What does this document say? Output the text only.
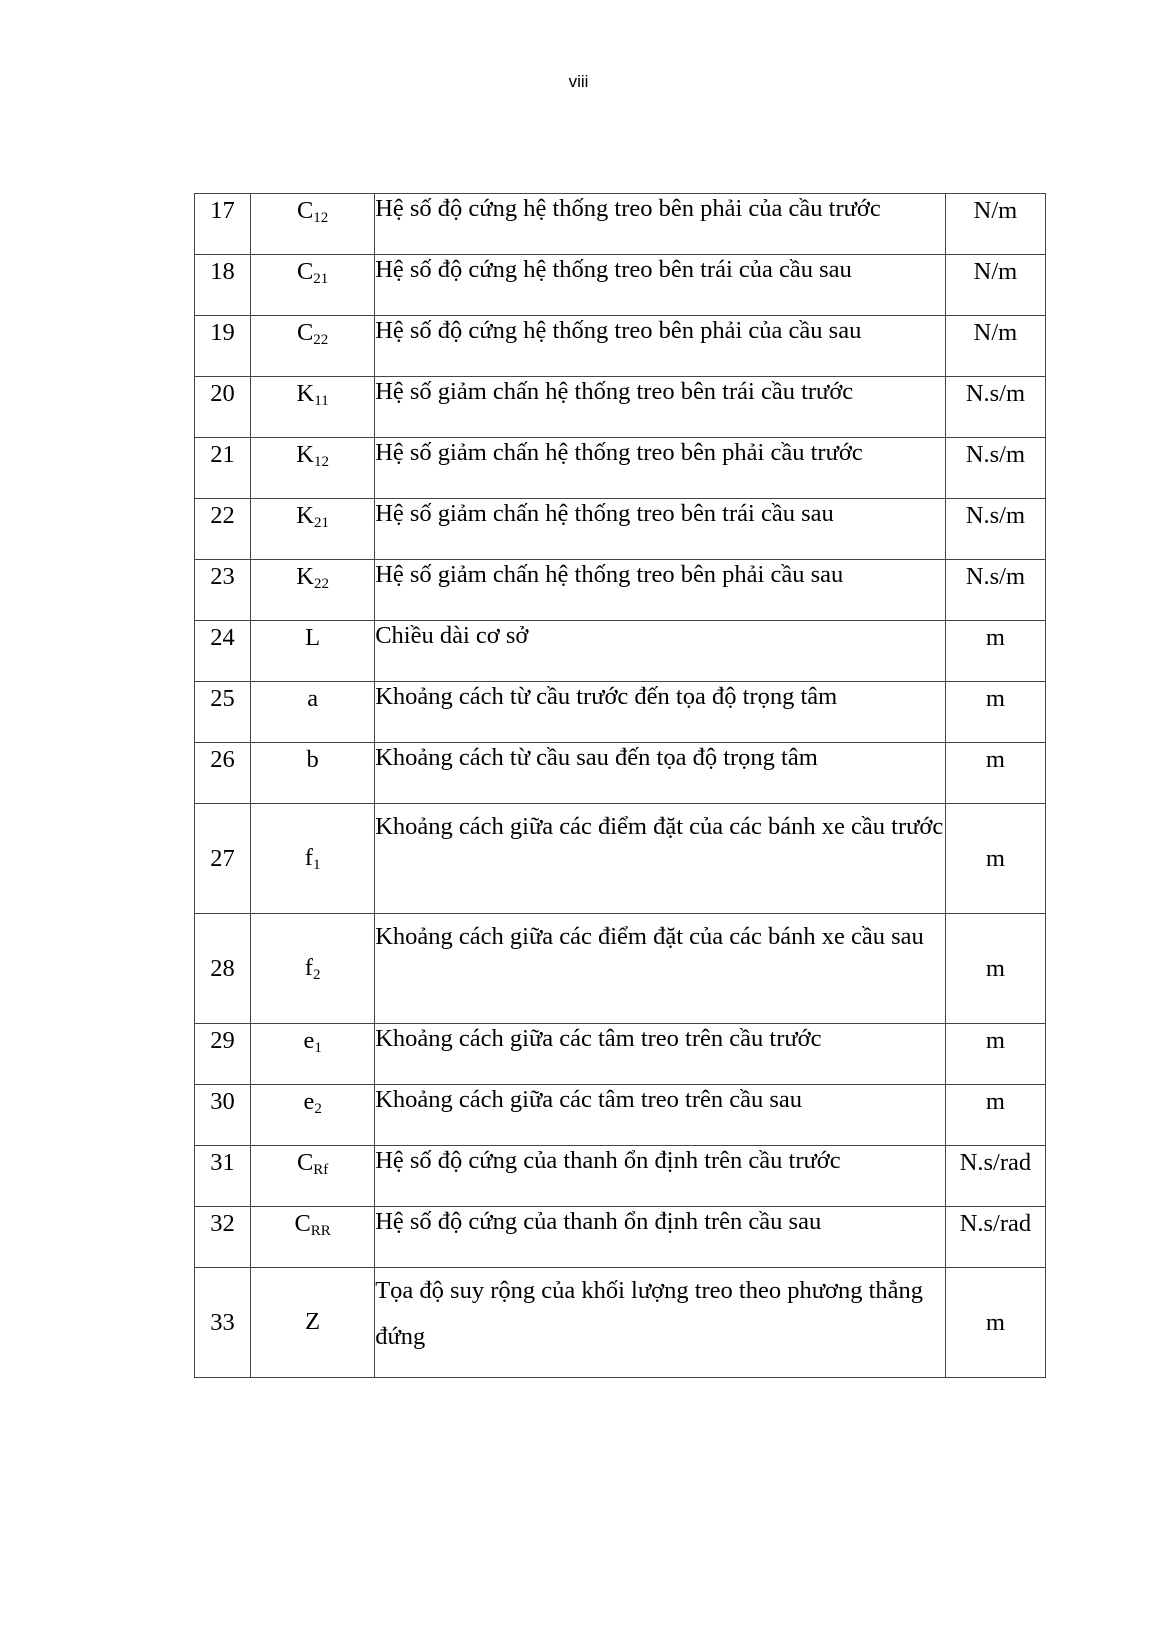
viii
17	$C_{12}$	Hệ số độ cứng hệ thống treo bên phải của cầu trước	N/m
18	$C_{21}$	Hệ số độ cứng hệ thống treo bên trái của cầu sau	N/m
19	$C_{22}$	Hệ số độ cứng hệ thống treo bên phải của cầu sau	N/m
20	$K_{11}$	Hệ số giảm chấn hệ thống treo bên trái cầu trước	N.s/m
21	$K_{12}$	Hệ số giảm chấn hệ thống treo bên phải cầu trước	N.s/m
22	$K_{21}$	Hệ số giảm chấn hệ thống treo bên trái cầu sau	N.s/m
23	$K_{22}$	Hệ số giảm chấn hệ thống treo bên phải cầu sau	N.s/m
24	L	Chiều dài cơ sở	m
25	a	Khoảng cách từ cầu trước đến tọa độ trọng tâm	m
26	b	Khoảng cách từ cầu sau đến tọa độ trọng tâm	m
27	$f_1$	Khoảng cách giữa các điểm đặt của các bánh xe cầu trước	m
28	$f_2$	Khoảng cách giữa các điểm đặt của các bánh xe cầu sau	m
29	$e_1$	Khoảng cách giữa các tâm treo trên cầu trước	m
30	$e_2$	Khoảng cách giữa các tâm treo trên cầu sau	m
31	$C_{Rf}$	Hệ số độ cứng của thanh ổn định trên cầu trước	N.s/rad
32	$C_{RR}$	Hệ số độ cứng của thanh ổn định trên cầu sau	N.s/rad
33	Z	Tọa độ suy rộng của khối lượng treo theo phương thẳng đứng	m
